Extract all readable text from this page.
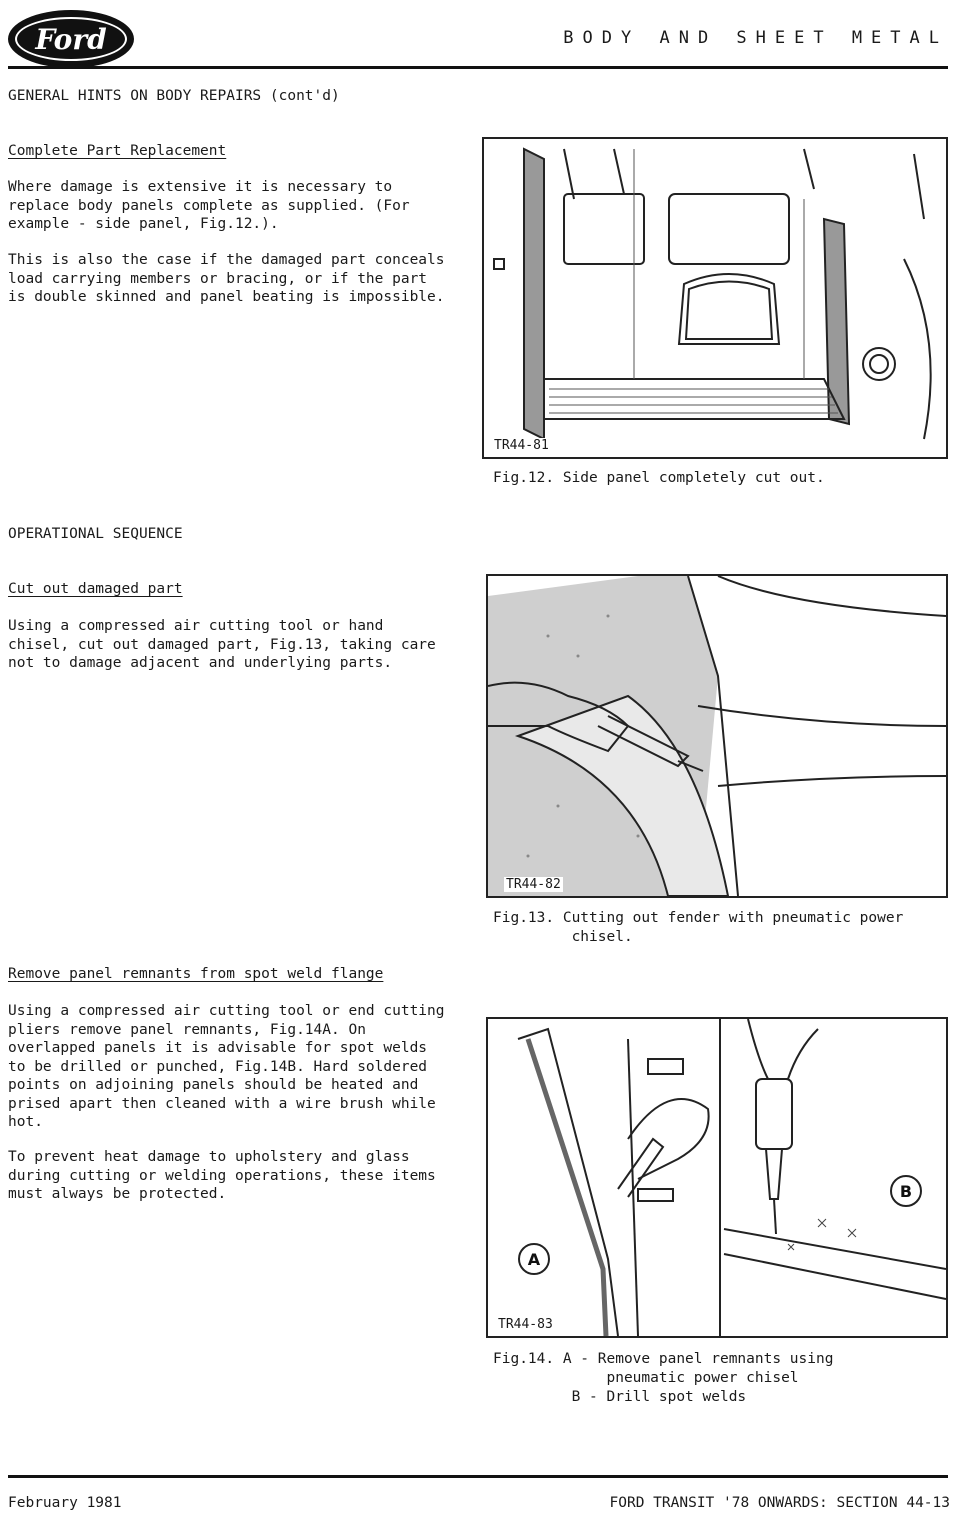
Ford	BODY AND SHEET METAL
GENERAL HINTS ON BODY REPAIRS (cont'd)
Complete Part Replacement
Where damage is extensive it is necessary to
replace body panels complete as supplied. (For
example - side panel, Fig.12.).
This is also the case if the damaged part conceals
load carrying members or bracing, or if the part
is double skinned and panel beating is impossible.
OPERATIONAL SEQUENCE
Cut out damaged part
Using a compressed air cutting tool or hand
chisel, cut out damaged part, Fig.13, taking care
not to damage adjacent and underlying parts.
Remove panel remnants from spot weld flange
Using a compressed air cutting tool or end cutting
pliers remove panel remnants, Fig.14A. On
overlapped panels it is advisable for spot welds
to be drilled or punched, Fig.14B. Hard soldered
points on adjoining panels should be heated and
prised apart then cleaned with a wire brush while
hot.
To prevent heat damage to upholstery and glass
during cutting or welding operations, these items
must always be protected.
TR44-81
Fig.12. Side panel completely cut out.
TR44-82
Fig.13. Cutting out fender with pneumatic power
chisel.
A
B
TR44-83
Fig.14. A - Remove panel remnants using
pneumatic power chisel
B - Drill spot welds
February 1981	FORD TRANSIT '78 ONWARDS: SECTION 44-13
